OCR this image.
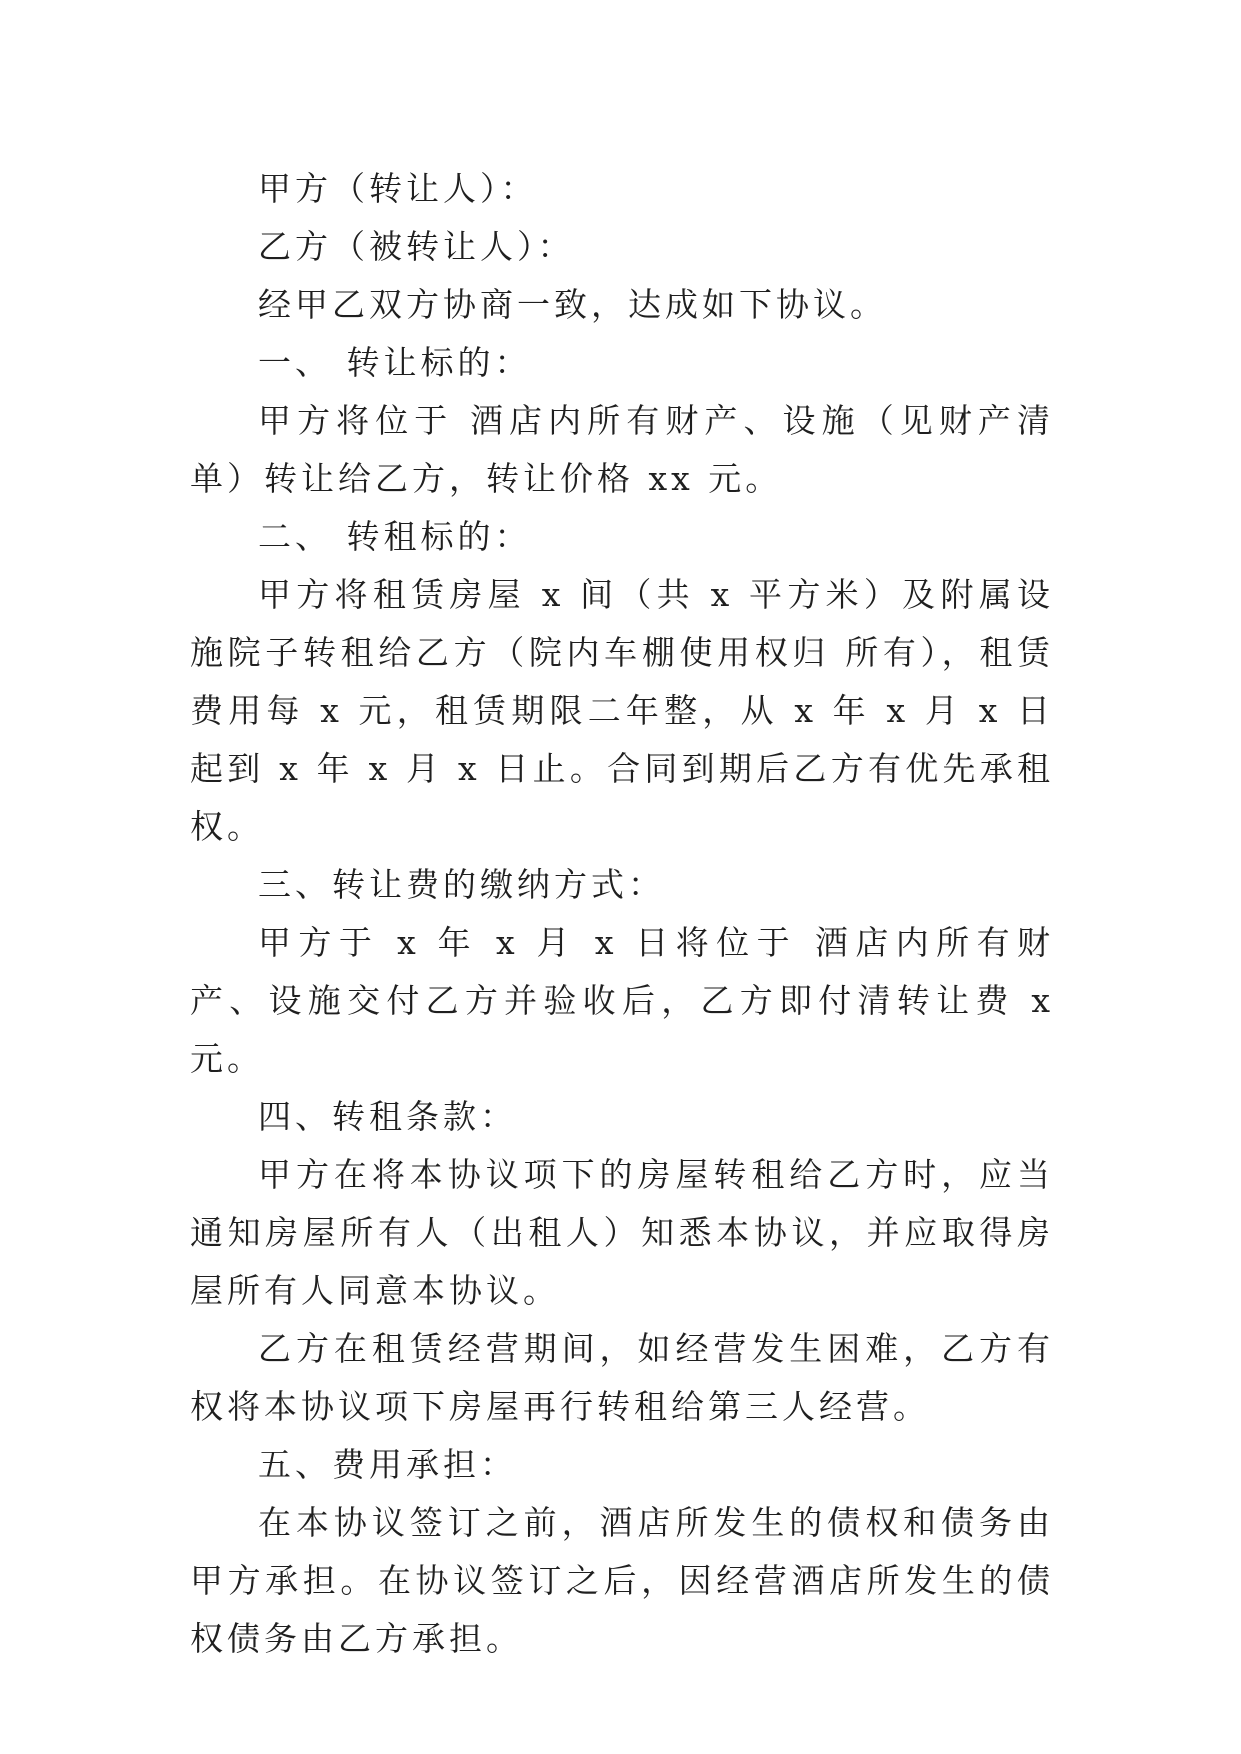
甲方（转让人）：

乙方（被转让人）：

经甲乙双方协商一致，达成如下协议。

一、 转让标的：

甲方将位于 酒店内所有财产、设施（见财产清单）转让给乙方，转让价格 xx 元。

二、 转租标的：

甲方将租赁房屋 x 间（共 x 平方米）及附属设施院子转租给乙方（院内车棚使用权归 所有），租赁费用每 x 元，租赁期限二年整，从 x 年 x 月 x 日起到 x 年 x 月 x 日止。合同到期后乙方有优先承租权。

三、转让费的缴纳方式：

甲方于 x 年 x 月 x 日将位于 酒店内所有财产、设施交付乙方并验收后，乙方即付清转让费 x 元。

四、转租条款：

甲方在将本协议项下的房屋转租给乙方时，应当通知房屋所有人（出租人）知悉本协议，并应取得房屋所有人同意本协议。

乙方在租赁经营期间，如经营发生困难，乙方有权将本协议项下房屋再行转租给第三人经营。

五、费用承担：

在本协议签订之前，酒店所发生的债权和债务由甲方承担。在协议签订之后，因经营酒店所发生的债权债务由乙方承担。
